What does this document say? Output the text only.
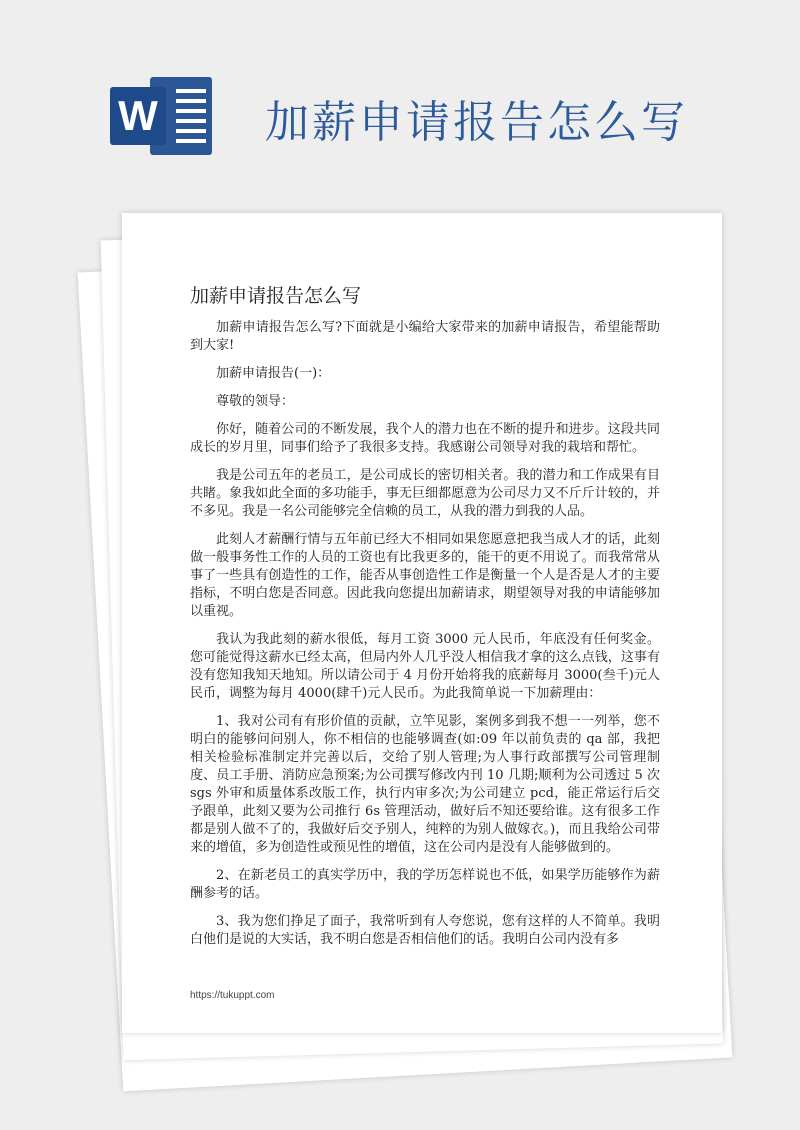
W 加薪申请报告怎么写
加薪申请报告怎么写

加薪申请报告怎么写?下面就是小编给大家带来的加薪申请报告，希望能帮助到大家!

加薪申请报告(一)：

尊敬的领导：

你好，随着公司的不断发展，我个人的潜力也在不断的提升和进步。这段共同成长的岁月里，同事们给予了我很多支持。我感谢公司领导对我的栽培和帮忙。

我是公司五年的老员工，是公司成长的密切相关者。我的潜力和工作成果有目共睹。象我如此全面的多功能手，事无巨细都愿意为公司尽力又不斤斤计较的，并不多见。我是一名公司能够完全信赖的员工，从我的潜力到我的人品。

此刻人才薪酬行情与五年前已经大不相同如果您愿意把我当成人才的话，此刻做一般事务性工作的人员的工资也有比我更多的，能干的更不用说了。而我常常从事了一些具有创造性的工作，能否从事创造性工作是衡量一个人是否是人才的主要指标，不明白您是否同意。因此我向您提出加薪请求，期望领导对我的申请能够加以重视。

我认为我此刻的薪水很低，每月工资 3000 元人民币，年底没有任何奖金。您可能觉得这薪水已经太高，但局内外人几乎没人相信我才拿的这么点钱，这事有没有您知我知天地知。所以请公司于 4 月份开始将我的底薪每月 3000(叁千)元人民币，调整为每月 4000(肆千)元人民币。为此我简单说一下加薪理由：

1、我对公司有有形价值的贡献，立竿见影，案例多到我不想一一列举，您不明白的能够问问别人，你不相信的也能够调查(如:09 年以前负责的 qa 部，我把相关检验标准制定并完善以后，交给了别人管理;为人事行政部撰写公司管理制度、员工手册、消防应急预案;为公司撰写修改内刊 10 几期;顺利为公司透过 5 次 sgs 外审和质量体系改版工作，执行内审多次;为公司建立 pcd，能正常运行后交予跟单，此刻又要为公司推行 6s 管理活动，做好后不知还要给谁。这有很多工作都是别人做不了的，我做好后交予别人，纯粹的为别人做嫁衣。)，而且我给公司带来的增值，多为创造性或预见性的增值，这在公司内是没有人能够做到的。

2、在新老员工的真实学历中，我的学历怎样说也不低，如果学历能够作为薪酬参考的话。

3、我为您们挣足了面子，我常听到有人夸您说，您有这样的人不简单。我明白他们是说的大实话，我不明白您是否相信他们的话。我明白公司内没有多

https://tukuppt.com
